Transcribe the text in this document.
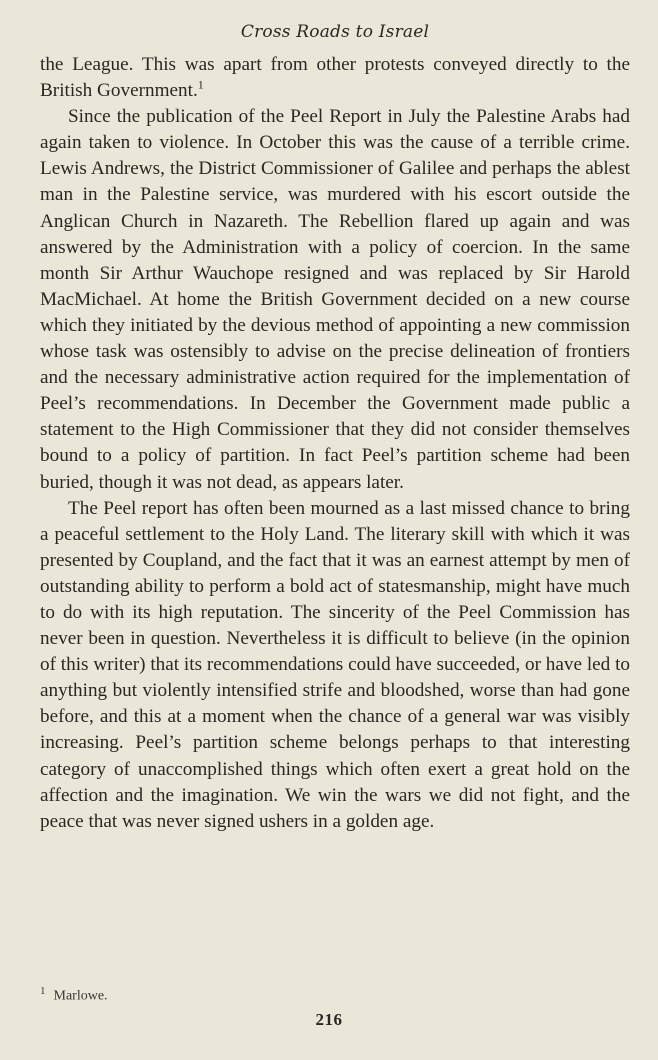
Cross Roads to Israel

the League. This was apart from other protests conveyed directly to the British Government.$^1$

Since the publication of the Peel Report in July the Palestine Arabs had again taken to violence. In October this was the cause of a terrible crime. Lewis Andrews, the District Commissioner of Galilee and perhaps the ablest man in the Palestine service, was murdered with his escort outside the Anglican Church in Nazareth. The Rebellion flared up again and was answered by the Administration with a policy of coercion. In the same month Sir Arthur Wauchope resigned and was replaced by Sir Harold MacMichael. At home the British Government decided on a new course which they initiated by the devious method of appointing a new commission whose task was ostensibly to advise on the precise delineation of frontiers and the necessary administrative action required for the implementation of Peel’s recommendations. In December the Government made public a statement to the High Commissioner that they did not consider themselves bound to a policy of partition. In fact Peel’s partition scheme had been buried, though it was not dead, as appears later.

The Peel report has often been mourned as a last missed chance to bring a peaceful settlement to the Holy Land. The literary skill with which it was presented by Coupland, and the fact that it was an earnest attempt by men of outstanding ability to perform a bold act of statesmanship, might have much to do with its high reputation. The sincerity of the Peel Commission has never been in question. Nevertheless it is difficult to believe (in the opinion of this writer) that its recommendations could have succeeded, or have led to anything but violently intensified strife and bloodshed, worse than had gone before, and this at a moment when the chance of a general war was visibly increasing. Peel’s partition scheme belongs perhaps to that interesting category of unaccomplished things which often exert a great hold on the affection and the imagination. We win the wars we did not fight, and the peace that was never signed ushers in a golden age.

$^1$ Marlowe.
216
